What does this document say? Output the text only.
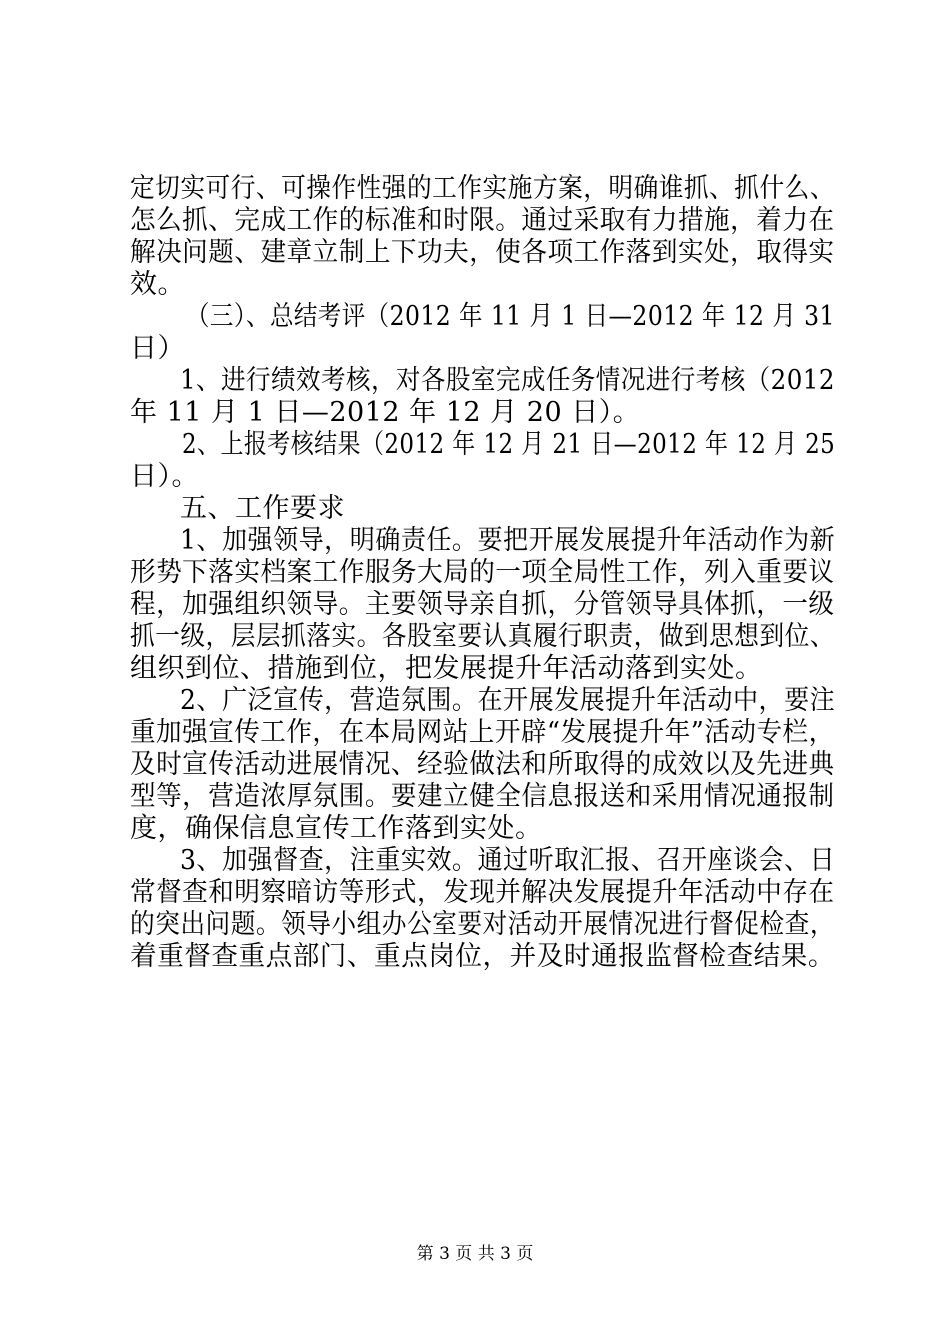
定切实可行、可操作性强的工作实施方案，明确谁抓、抓什么、
怎么抓、完成工作的标准和时限。通过采取有力措施，着力在
解决问题、建章立制上下功夫，使各项工作落到实处，取得实
效。
（三）、总结考评（2012 年 11 月 1 日—2012 年 12 月 31
日）
1、进行绩效考核，对各股室完成任务情况进行考核（2012
年 11 月 1 日—2012 年 12 月 20 日）。
2、上报考核结果（2012 年 12 月 21 日—2012 年 12 月 25
日）。
五、工作要求
1、加强领导，明确责任。要把开展发展提升年活动作为新
形势下落实档案工作服务大局的一项全局性工作，列入重要议
程，加强组织领导。主要领导亲自抓，分管领导具体抓，一级
抓一级，层层抓落实。各股室要认真履行职责，做到思想到位、
组织到位、措施到位，把发展提升年活动落到实处。
2、广泛宣传，营造氛围。在开展发展提升年活动中，要注
重加强宣传工作，在本局网站上开辟“发展提升年”活动专栏，
及时宣传活动进展情况、经验做法和所取得的成效以及先进典
型等，营造浓厚氛围。要建立健全信息报送和采用情况通报制
度，确保信息宣传工作落到实处。
3、加强督查，注重实效。通过听取汇报、召开座谈会、日
常督查和明察暗访等形式，发现并解决发展提升年活动中存在
的突出问题。领导小组办公室要对活动开展情况进行督促检查，
着重督查重点部门、重点岗位，并及时通报监督检查结果。
第 3 页 共 3 页
